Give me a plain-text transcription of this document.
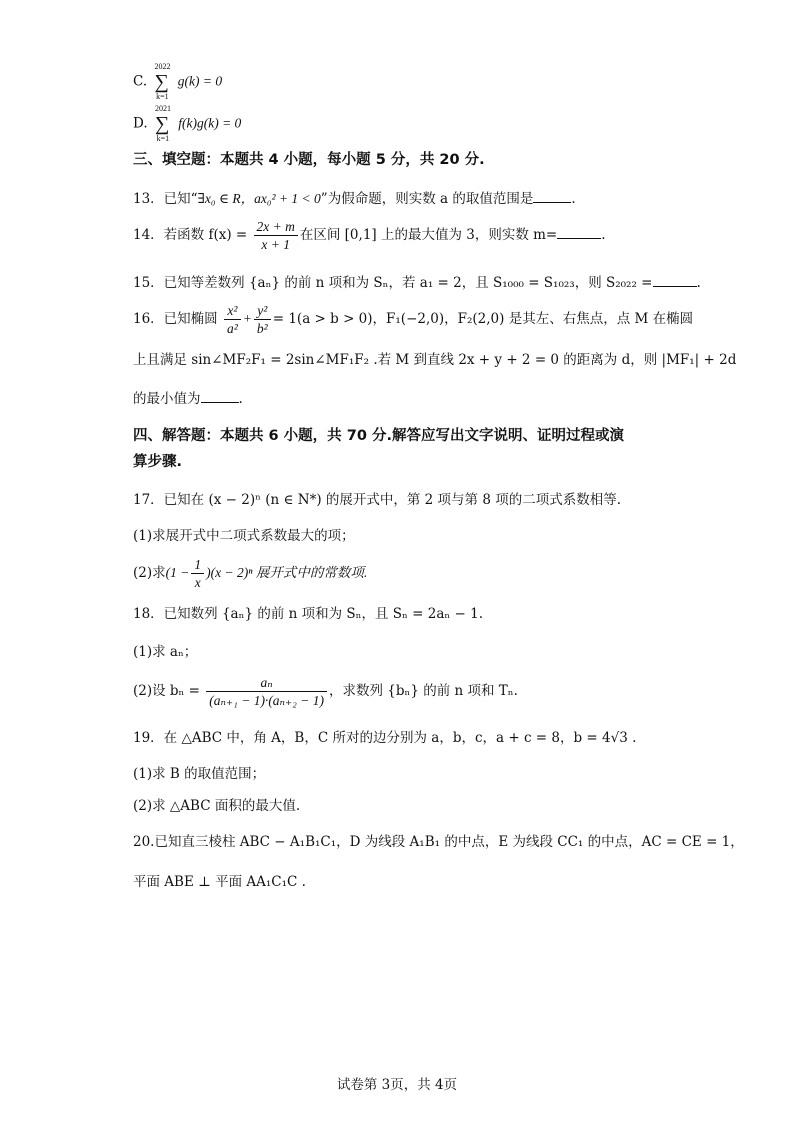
C.
2022
∑
k=1
g(k) = 0
D.
2021
∑
k=1
f(k)g(k) = 0
三、填空题：本题共 4 小题，每小题 5 分，共 20 分.
13．已知“∃x₀ ∈ R，ax₀² + 1 < 0”为假命题，则实数 a 的取值范围是	.
14．若函数 $f(x) = \frac{2x + m}{x + 1}$ 在区间 [0,1] 上的最大值为 3，则实数 m=	.
15．已知等差数列 {aₙ} 的前 n 项和为 Sₙ，若 a₁ = 2，且 S₁₀₀₀ = S₁₀₂₃，则 S₂₀₂₂ =	.
16．已知椭圆 $\frac{\text{x²}}{\text{a²}} + \frac{\text{y²}}{\text{b²}} = 1(a > b > 0)$，F₁(−2,0)，F₂(2,0) 是其左、右焦点，点 M 在椭圆
上且满足 sin∠MF₂F₁ = 2sin∠MF₁F₂ .若 M 到直线 2x + y + 2 = 0 的距离为 d，则 |MF₁| + 2d
的最小值为	.
四、解答题：本题共 6 小题，共 70 分.解答应写出文字说明、证明过程或演
算步骤.
17．已知在 (x − 2)ⁿ (n ∈ N*) 的展开式中，第 2 项与第 8 项的二项式系数相等.
(1)求展开式中二项式系数最大的项；
(2)求$(1 - \frac{1}{x} )(x - 2)^n$ 展开式中的常数项.
18．已知数列 {aₙ} 的前 n 项和为 Sₙ，且 Sₙ = 2aₙ − 1.
(1)求 aₙ；
(2)设 $b_n = \frac{\text{aₙ}}{\text{(aₙ₊₁ − 1)·(aₙ₊₂ − 1)}}$ ，求数列 {bₙ} 的前 n 项和 Tₙ.
19．在 △ABC 中，角 A，B，C 所对的边分别为 a，b，c，a + c = 8，b = 4√3 .
(1)求 B 的取值范围；
(2)求 △ABC 面积的最大值.
20.已知直三棱柱 ABC − A₁B₁C₁，D 为线段 A₁B₁ 的中点，E 为线段 CC₁ 的中点，AC = CE = 1，
平面 ABE ⊥ 平面 AA₁C₁C .
试卷第 3页，共 4页
